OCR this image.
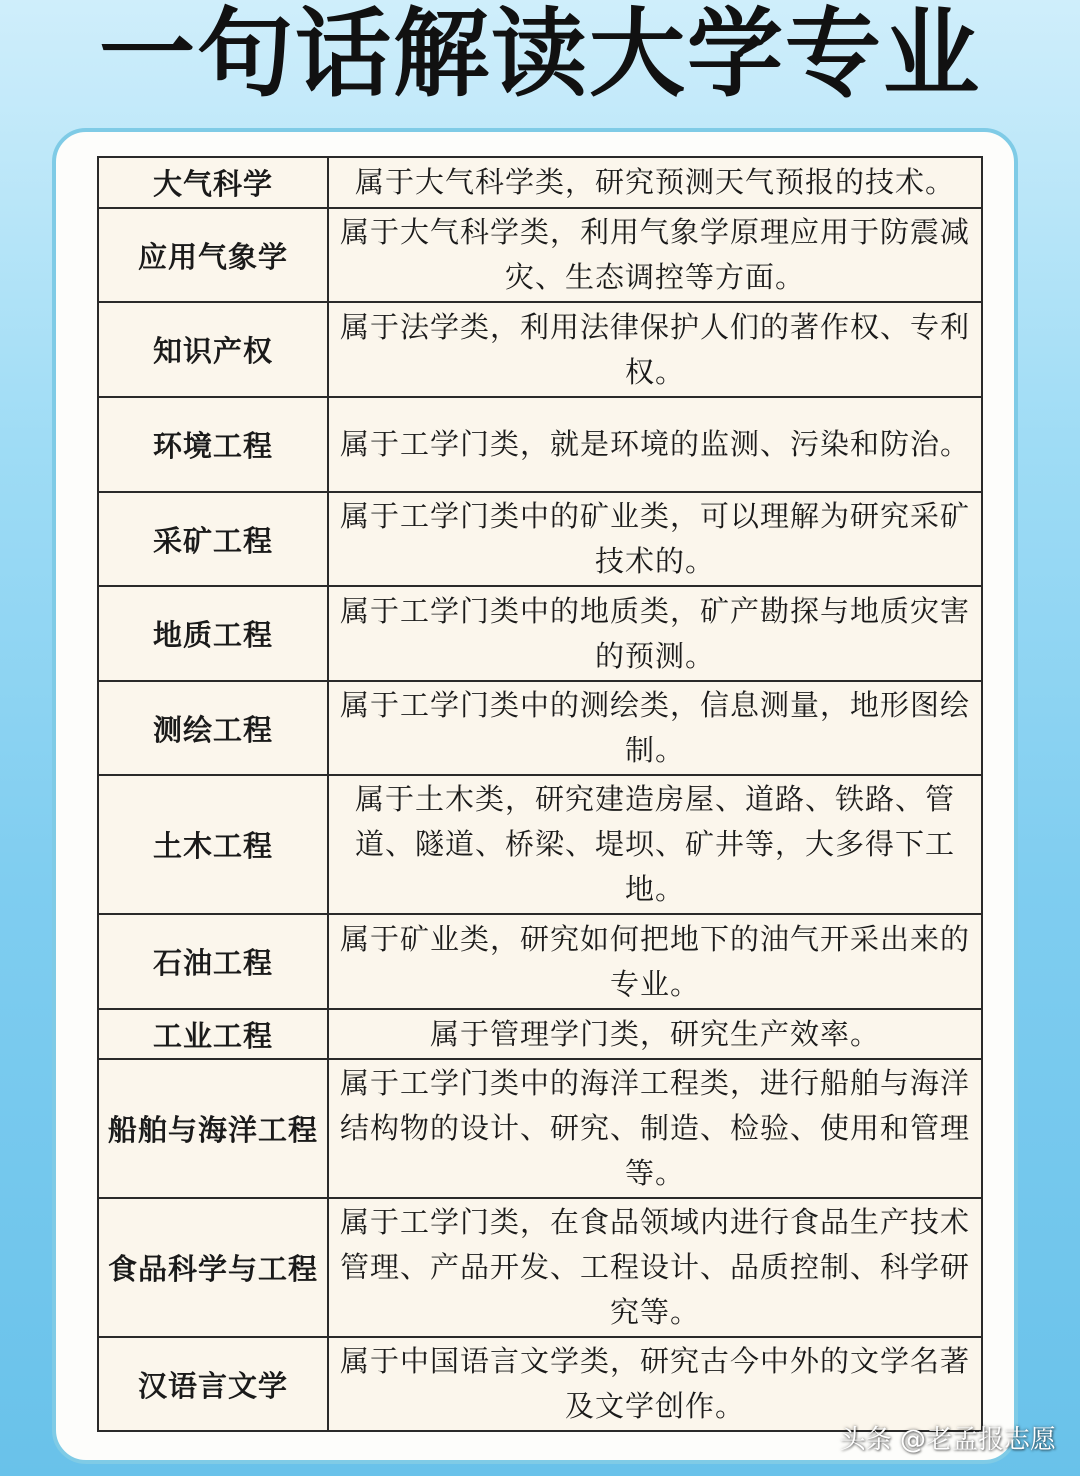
一句话解读大学专业
大气科学	属于大气科学类，研究预测天气预报的技术。
应用气象学	属于大气科学类，利用气象学原理应用于防震减灾、生态调控等方面。
知识产权	属于法学类，利用法律保护人们的著作权、专利权。
环境工程	属于工学门类，就是环境的监测、污染和防治。
采矿工程	属于工学门类中的矿业类，可以理解为研究采矿技术的。
地质工程	属于工学门类中的地质类，矿产勘探与地质灾害的预测。
测绘工程	属于工学门类中的测绘类，信息测量，地形图绘制。
土木工程	属于土木类，研究建造房屋、道路、铁路、管道、隧道、桥梁、堤坝、矿井等，大多得下工地。
石油工程	属于矿业类，研究如何把地下的油气开采出来的专业。
工业工程	属于管理学门类，研究生产效率。
船舶与海洋工程	属于工学门类中的海洋工程类，进行船舶与海洋结构物的设计、研究、制造、检验、使用和管理等。
食品科学与工程	属于工学门类，在食品领域内进行食品生产技术管理、产品开发、工程设计、品质控制、科学研究等。
汉语言文学	属于中国语言文学类，研究古今中外的文学名著及文学创作。
头条 @老孟报志愿
